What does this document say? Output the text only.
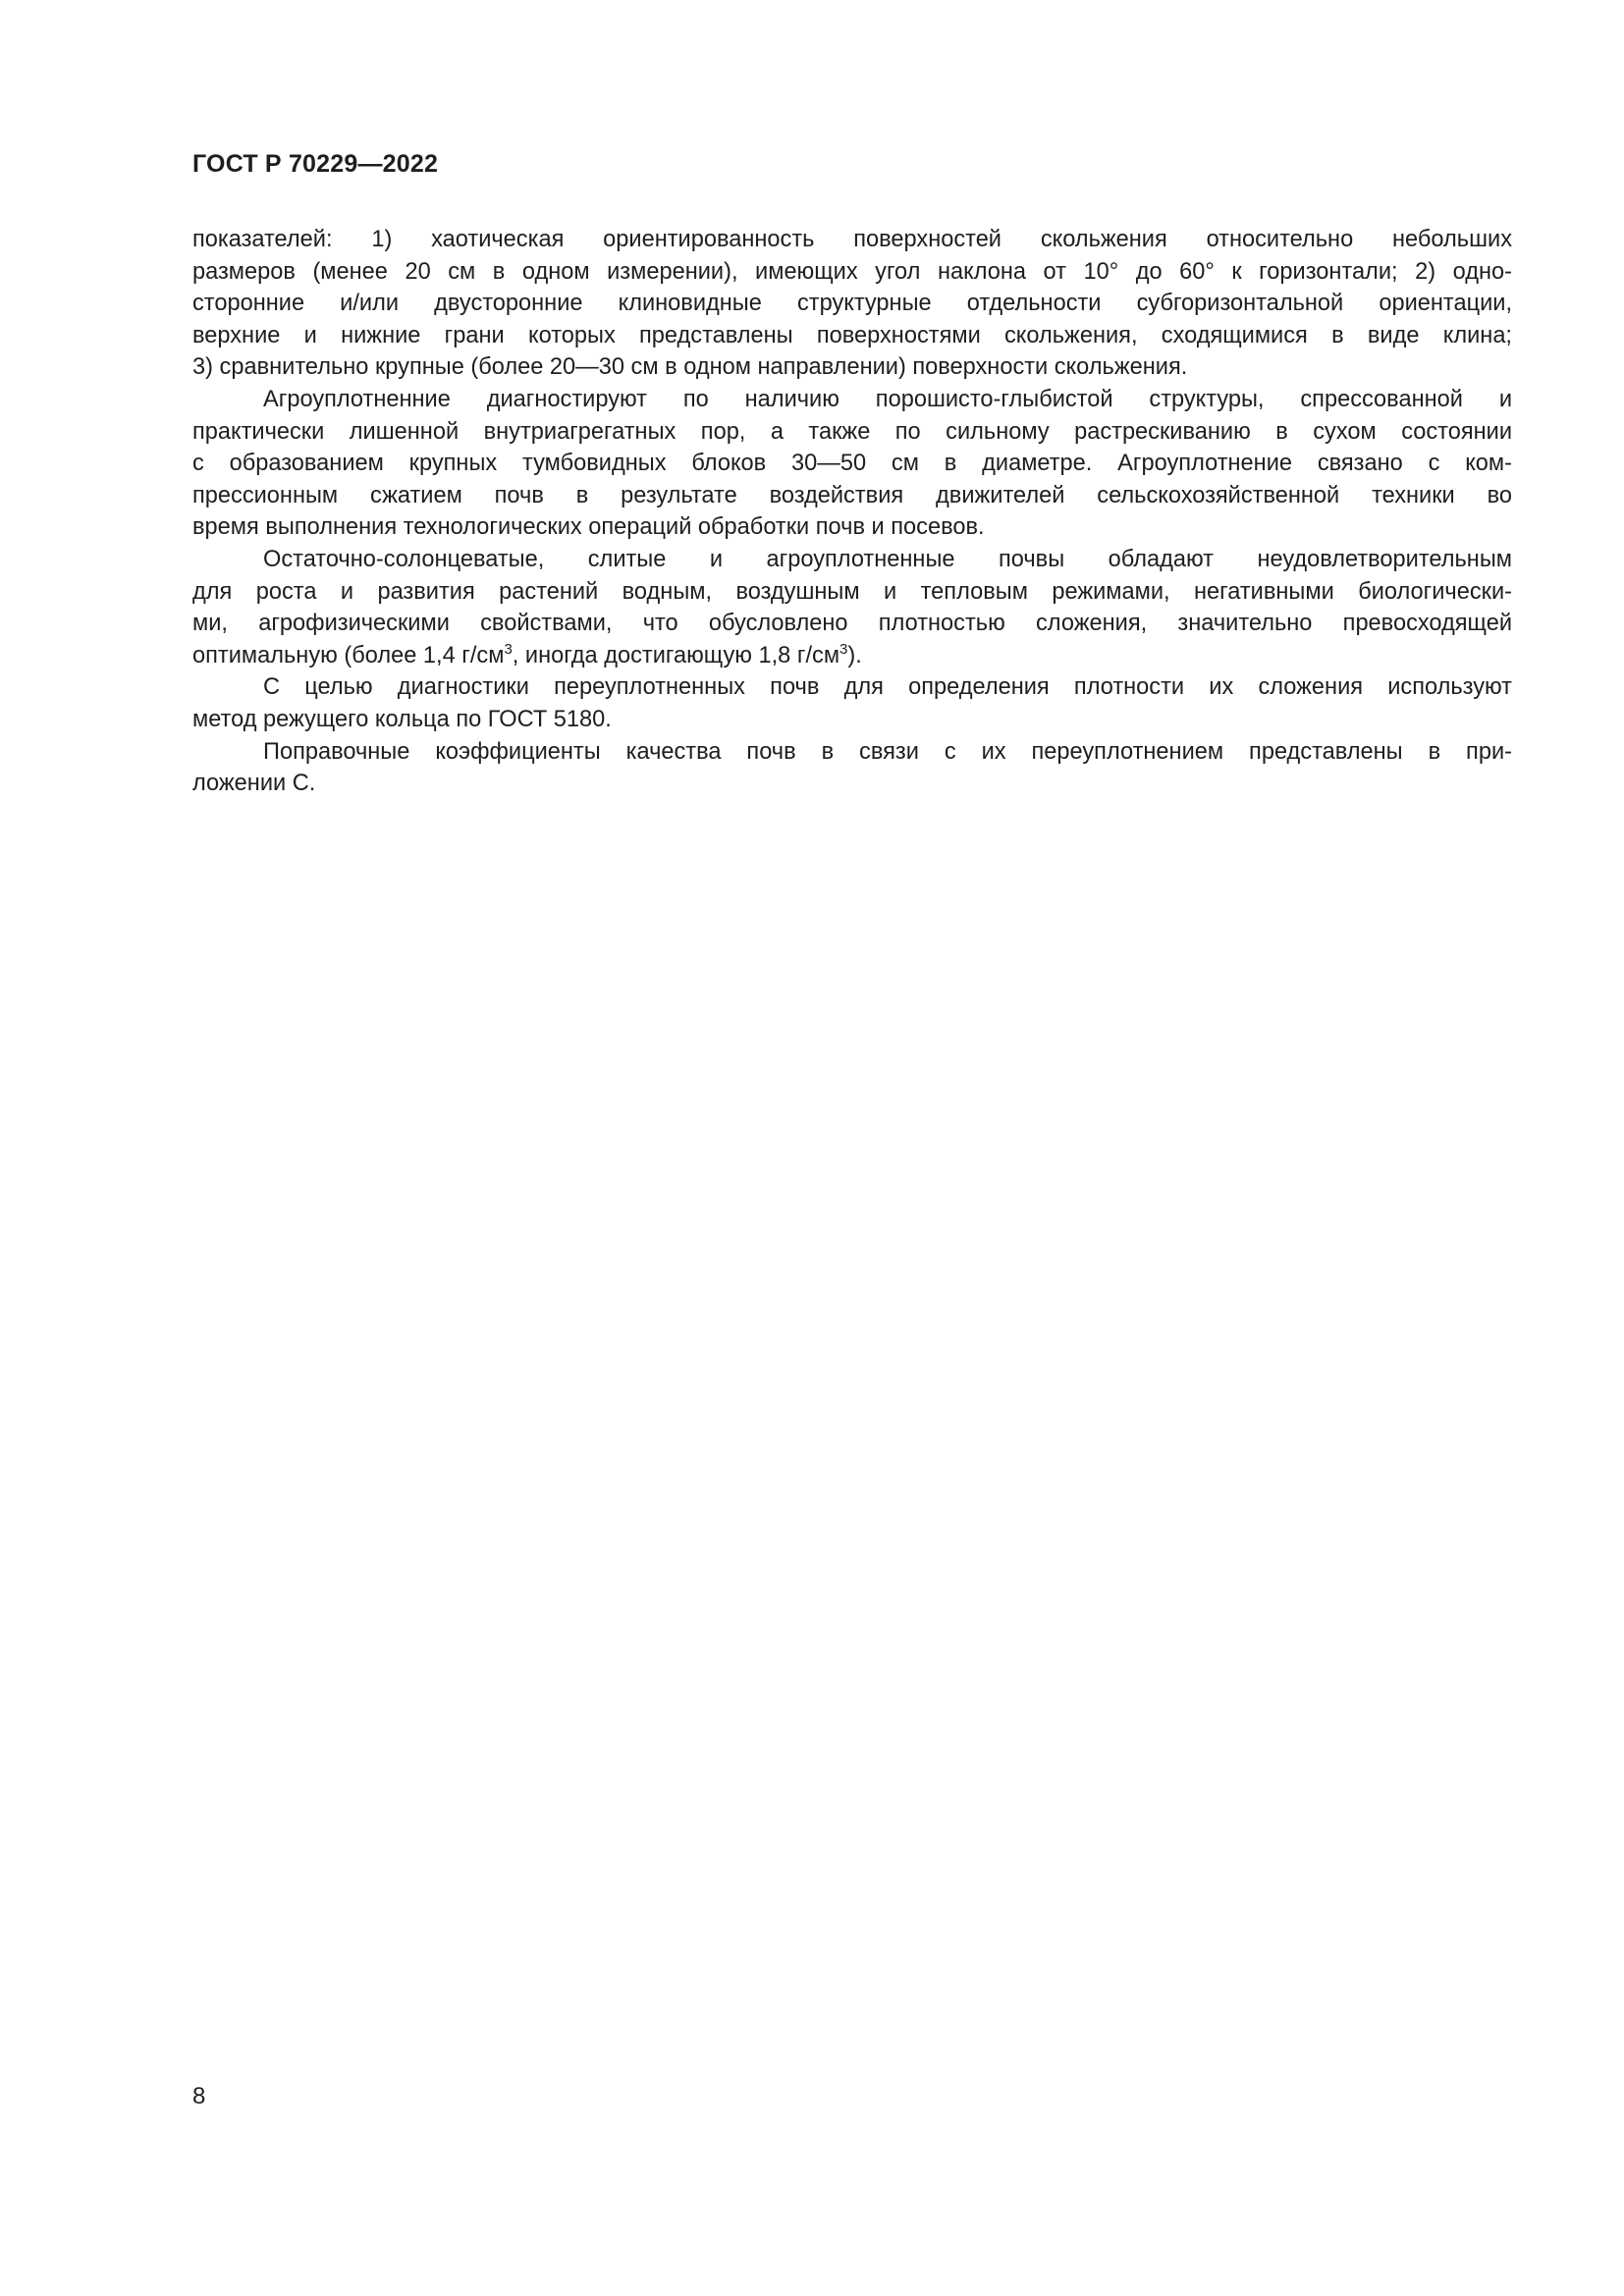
ГОСТ Р 70229—2022
показателей: 1) хаотическая ориентированность поверхностей скольжения относительно небольших
размеров (менее 20 см в одном измерении), имеющих угол наклона от 10° до 60° к горизонтали; 2) одно-
сторонние и/или двусторонние клиновидные структурные отдельности субгоризонтальной ориентации,
верхние и нижние грани которых представлены поверхностями скольжения, сходящимися в виде клина;
3) сравнительно крупные (более 20—30 см в одном направлении) поверхности скольжения.
Агроуплотненние диагностируют по наличию порошисто-глыбистой структуры, спрессованной и
практически лишенной внутриагрегатных пор, а также по сильному растрескиванию в сухом состоянии
с образованием крупных тумбовидных блоков 30—50 см в диаметре. Агроуплотнение связано с ком-
прессионным сжатием почв в результате воздействия движителей сельскохозяйственной техники во
время выполнения технологических операций обработки почв и посевов.
Остаточно-солонцеватые, слитые и агроуплотненные почвы обладают неудовлетворительным
для роста и развития растений водным, воздушным и тепловым режимами, негативными биологически-
ми, агрофизическими свойствами, что обусловлено плотностью сложения, значительно превосходящей
оптимальную (более 1,4 $г/см^3$, иногда достигающую 1,8 $г/см^3$).
С целью диагностики переуплотненных почв для определения плотности их сложения используют
метод режущего кольца по ГОСТ 5180.
Поправочные коэффициенты качества почв в связи с их переуплотнением представлены в при-
ложении С.
8
